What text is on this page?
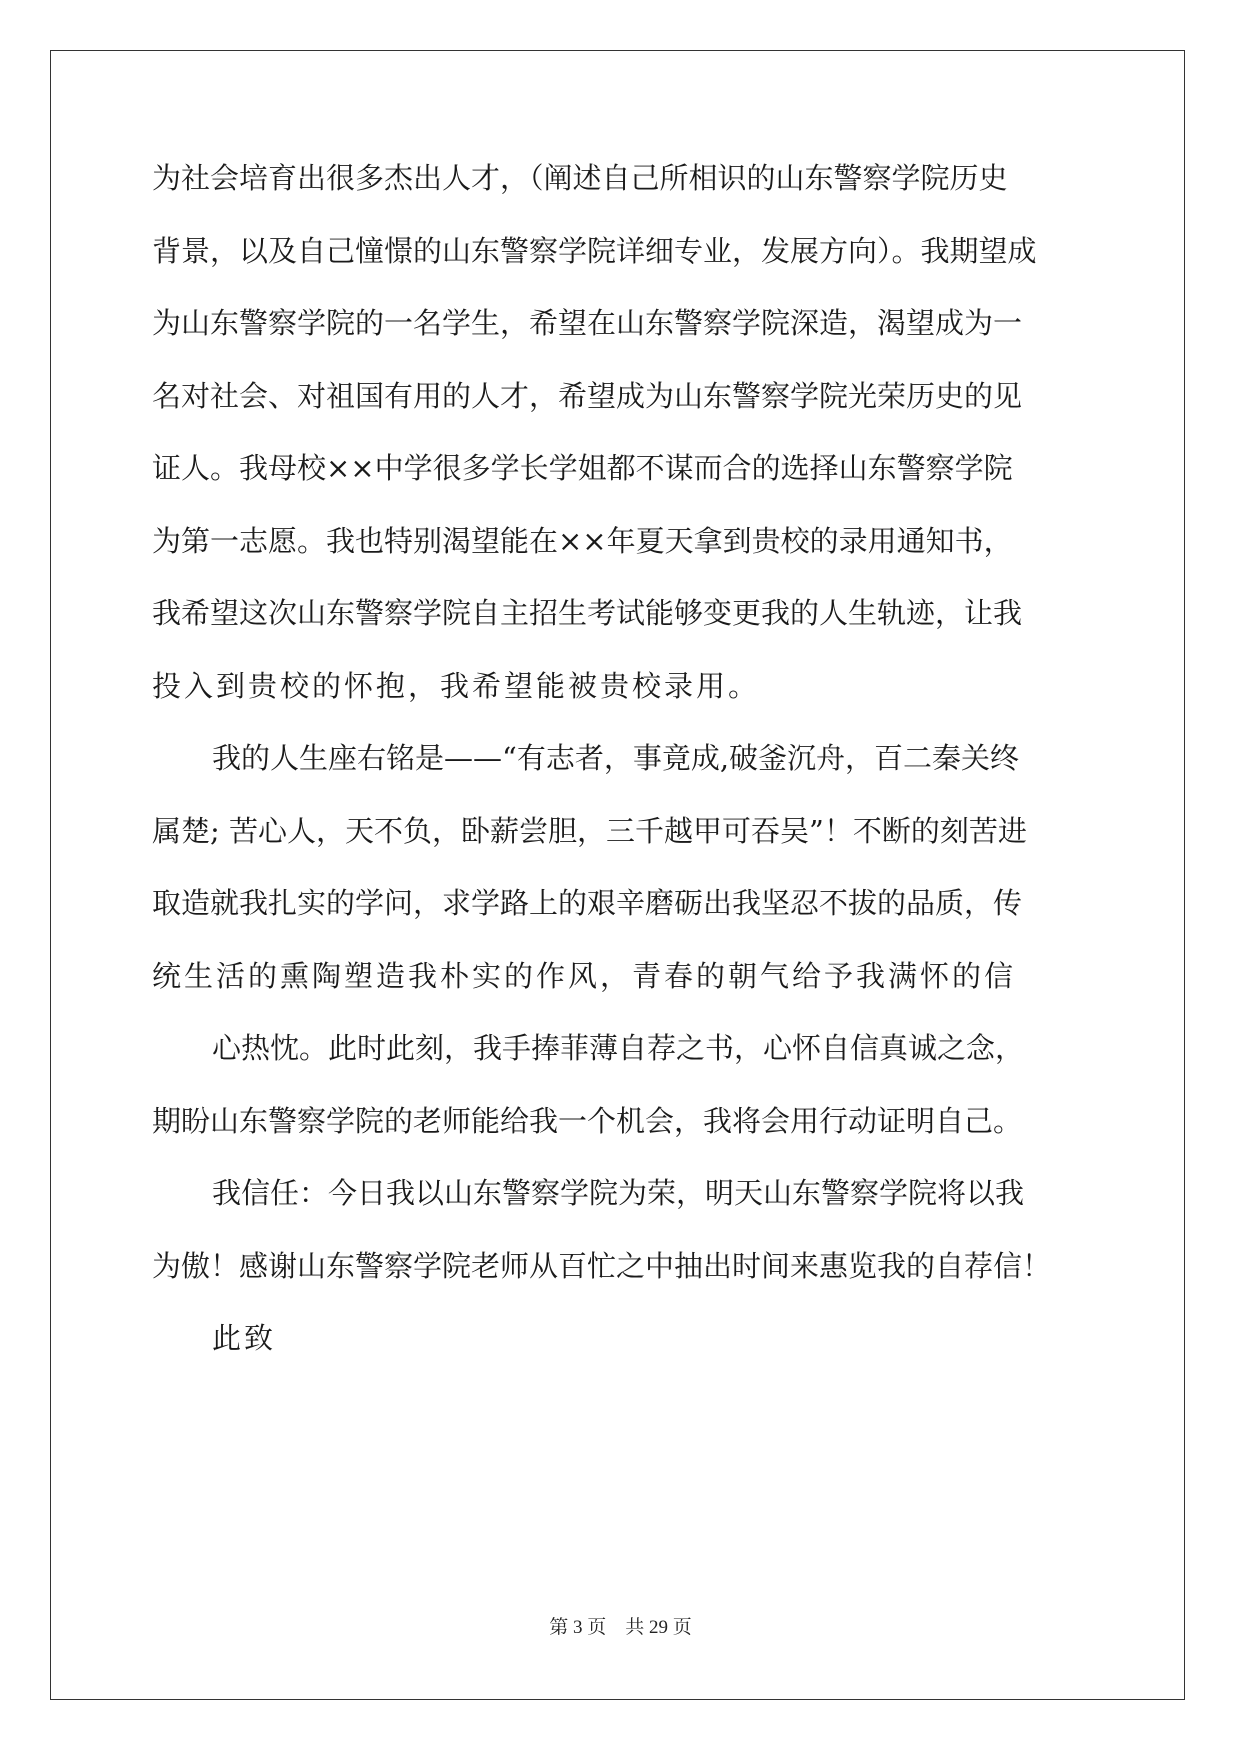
为社会培育出很多杰出人才，（阐述自己所相识的山东警察学院历史
背景，以及自己憧憬的山东警察学院详细专业，发展方向）。我期望成
为山东警察学院的一名学生，希望在山东警察学院深造，渴望成为一
名对社会、对祖国有用的人才，希望成为山东警察学院光荣历史的见
证人。我母校××中学很多学长学姐都不谋而合的选择山东警察学院
为第一志愿。我也特别渴望能在××年夏天拿到贵校的录用通知书，
我希望这次山东警察学院自主招生考试能够变更我的人生轨迹，让我
投入到贵校的怀抱，我希望能被贵校录用。
我的人生座右铭是——“有志者，事竟成,破釜沉舟，百二秦关终
属楚; 苦心人，天不负，卧薪尝胆，三千越甲可吞吴”！不断的刻苦进
取造就我扎实的学问，求学路上的艰辛磨砺出我坚忍不拔的品质，传
统生活的熏陶塑造我朴实的作风，青春的朝气给予我满怀的信
心热忱。此时此刻，我手捧菲薄自荐之书，心怀自信真诚之念，
期盼山东警察学院的老师能给我一个机会，我将会用行动证明自己。
我信任：今日我以山东警察学院为荣，明天山东警察学院将以我
为傲！感谢山东警察学院老师从百忙之中抽出时间来惠览我的自荐信！
此致
第 3 页    共 29 页
